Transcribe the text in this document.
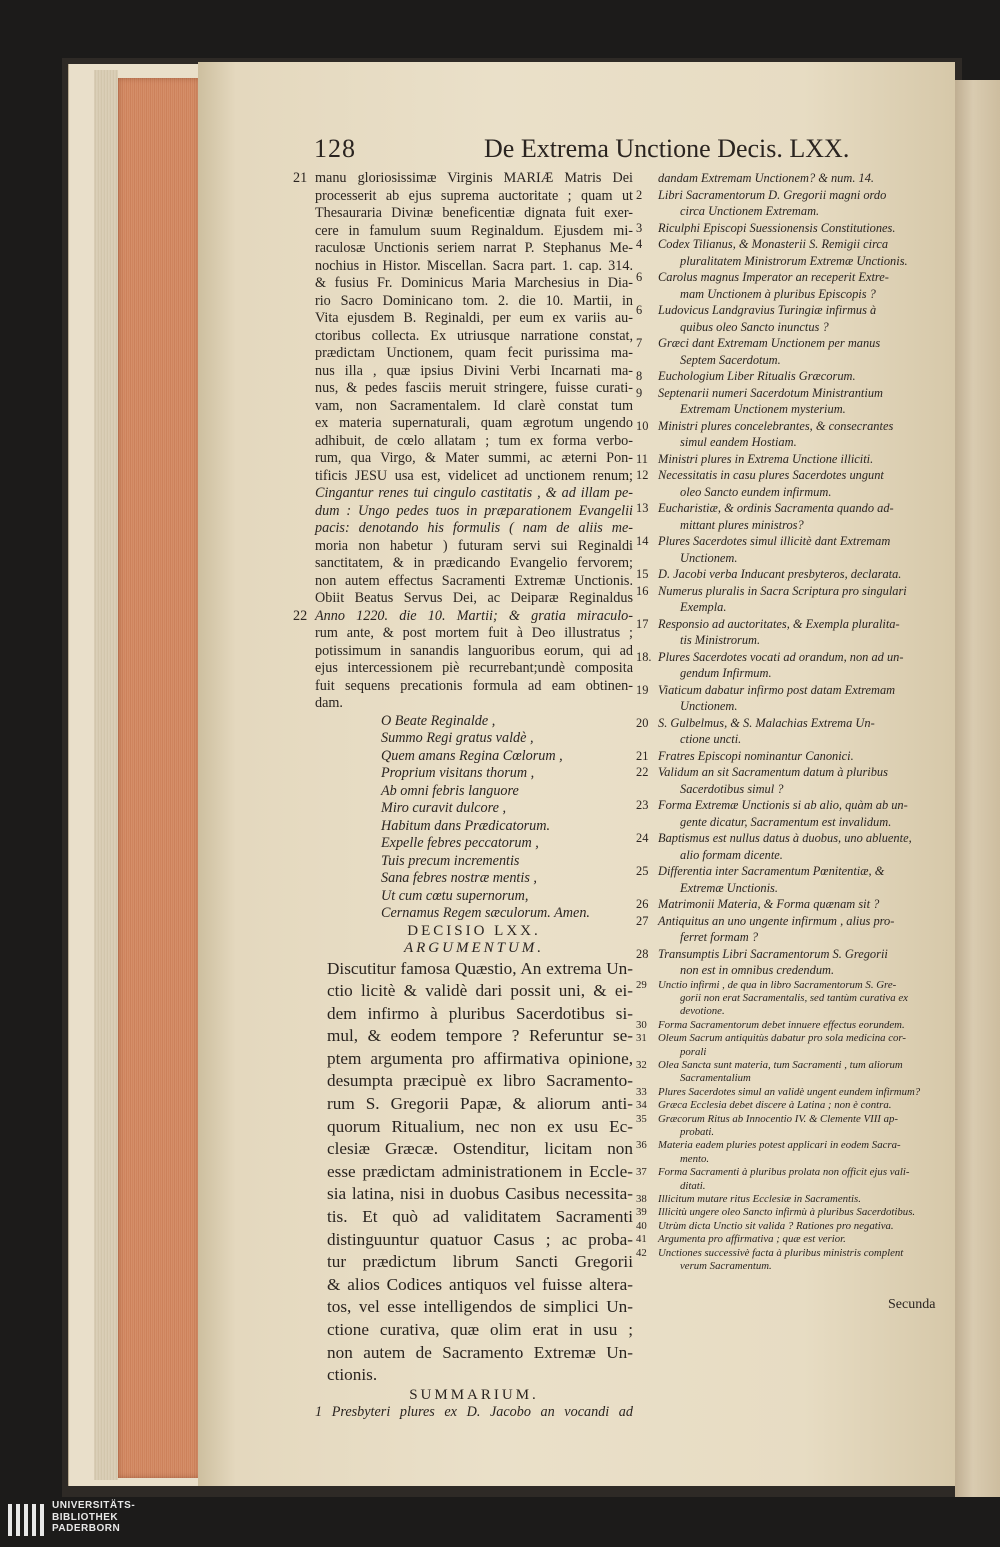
128	De Extrema Unctione Decis. LXX.
manu gloriosissimæ Virginis MARIÆ Matris Dei
21
processerit ab ejus suprema auctoritate ; quam ut
Thesauraria Divinæ beneficentiæ dignata fuit exer-
cere in famulum suum Reginaldum. Ejusdem mi-
raculosæ Unctionis seriem narrat P. Stephanus Me-
nochius in Histor. Miscellan. Sacra part. 1. cap. 314.
& fusius Fr. Dominicus Maria Marchesius in Dia-
rio Sacro Dominicano tom. 2. die 10. Martii, in
Vita ejusdem B. Reginaldi, per eum ex variis au-
ctoribus collecta. Ex utriusque narratione constat,
prædictam Unctionem, quam fecit purissima ma-
nus illa , quæ ipsius Divini Verbi Incarnati ma-
nus, & pedes fasciis meruit stringere, fuisse curati-
vam, non Sacramentalem. Id clarè constat tum
ex materia supernaturali, quam ægrotum ungendo
adhibuit, de cœlo allatam ; tum ex forma verbo-
rum, qua Virgo, & Mater summi, ac æterni Pon-
tificis JESU usa est, videlicet ad unctionem renum;
Cingantur renes tui cingulo castitatis , & ad illam pe-
dum : Ungo pedes tuos in præparationem Evangelii
pacis: denotando his formulis ( nam de aliis me-
moria non habetur ) futuram servi sui Reginaldi
sanctitatem, & in prædicando Evangelio fervorem;
non autem effectus Sacramenti Extremæ Unctionis.
Obiit Beatus Servus Dei, ac Deiparæ Reginaldus
Anno 1220. die 10. Martii; & gratia miraculo-
22
rum ante, & post mortem fuit à Deo illustratus ;
potissimum in sanandis languoribus eorum, qui ad
ejus intercessionem piè recurrebant;undè composita
fuit sequens precationis formula ad eam obtinen-
dam.
O Beate Reginalde ,
Summo Regi gratus valdè ,
Quem amans Regina Cœlorum ,
Proprium visitans thorum ,
Ab omni febris languore
Miro curavit dulcore ,
Habitum dans Prædicatorum.
Expelle febres peccatorum ,
Tuis precum incrementis
Sana febres nostræ mentis ,
Ut cum cœtu supernorum,
Cernamus Regem sæculorum. Amen.
DECISIO LXX.
ARGUMENTUM.
Discutitur famosa Quæstio, An extrema Un-
ctio licitè & validè dari possit uni, & ei-
dem infirmo à pluribus Sacerdotibus si-
mul, & eodem tempore ? Referuntur se-
ptem argumenta pro affirmativa opinione,
desumpta præcipuè ex libro Sacramento-
rum S. Gregorii Papæ, & aliorum anti-
quorum Ritualium, nec non ex usu Ec-
clesiæ Græcæ. Ostenditur, licitam non
esse prædictam administrationem in Eccle-
sia latina, nisi in duobus Casibus necessita-
tis. Et quò ad validitatem Sacramenti
distinguuntur quatuor Casus ; ac proba-
tur prædictum librum Sancti Gregorii
& alios Codices antiquos vel fuisse altera-
tos, vel esse intelligendos de simplici Un-
ctione curativa, quæ olim erat in usu ;
non autem de Sacramento Extremæ Un-
ctionis.
SUMMARIUM.
1 Presbyteri plures ex D. Jacobo an vocandi ad
dandam Extremam Unctionem? & num. 14.
2 Libri Sacramentorum D. Gregorii magni ordo
circa Unctionem Extremam.
3 Riculphi Episcopi Suessionensis Constitutiones.
4 Codex Tilianus, & Monasterii S. Remigii circa
pluralitatem Ministrorum Extremæ Unctionis.
6 Carolus magnus Imperator an receperit Extre-
mam Unctionem à pluribus Episcopis ?
6 Ludovicus Landgravius Turingiæ infirmus à
quibus oleo Sancto inunctus ?
7 Græci dant Extremam Unctionem per manus
Septem Sacerdotum.
8 Euchologium Liber Ritualis Græcorum.
9 Septenarii numeri Sacerdotum Ministrantium
Extremam Unctionem mysterium.
10 Ministri plures concelebrantes, & consecrantes
simul eandem Hostiam.
11 Ministri plures in Extrema Unctione illiciti.
12 Necessitatis in casu plures Sacerdotes ungunt
oleo Sancto eundem infirmum.
13 Eucharistiæ, & ordinis Sacramenta quando ad-
mittant plures ministros?
14 Plures Sacerdotes simul illicitè dant Extremam
Unctionem.
15 D. Jacobi verba Inducant presbyteros, declarata.
16 Numerus pluralis in Sacra Scriptura pro singulari
Exempla.
17 Responsio ad auctoritates, & Exempla pluralita-
tis Ministrorum.
18. Plures Sacerdotes vocati ad orandum, non ad un-
gendum Infirmum.
19 Viaticum dabatur infirmo post datam Extremam
Unctionem.
20 S. Gulbelmus, & S. Malachias Extrema Un-
ctione uncti.
21 Fratres Episcopi nominantur Canonici.
22 Validum an sit Sacramentum datum à pluribus
Sacerdotibus simul ?
23 Forma Extremæ Unctionis si ab alio, quàm ab un-
gente dicatur, Sacramentum est invalidum.
24 Baptismus est nullus datus à duobus, uno abluente,
alio formam dicente.
25 Differentia inter Sacramentum Pœnitentiæ, &
Extremæ Unctionis.
26 Matrimonii Materia, & Forma quænam sit ?
27 Antiquitus an uno ungente infirmum , alius pro-
ferret formam ?
28 Transumptis Libri Sacramentorum S. Gregorii
non est in omnibus credendum.
29 Unctio infirmi , de qua in libro Sacramentorum S. Gre-
gorii non erat Sacramentalis, sed tantùm curativa ex
devotione.
30 Forma Sacramentorum debet innuere effectus eorundem.
31 Oleum Sacrum antiquitùs dabatur pro sola medicina cor-
porali
32 Olea Sancta sunt materia, tum Sacramenti , tum aliorum
Sacramentalium
33 Plures Sacerdotes simul an validè ungent eundem infirmum?
34 Græca Ecclesia debet discere à Latina ; non è contra.
35 Græcorum Ritus ab Innocentio IV. & Clemente VIII ap-
probati.
36 Materia eadem pluries potest applicari in eodem Sacra-
mento.
37 Forma Sacramenti à pluribus prolata non officit ejus vali-
ditati.
38 Illicitum mutare ritus Ecclesiæ in Sacramentis.
39 Illicitù ungere oleo Sancto infirmù à pluribus Sacerdotibus.
40 Utrùm dicta Unctio sit valida ? Rationes pro negativa.
41 Argumenta pro affirmativa ; quæ est verior.
42 Unctiones successivè facta à pluribus ministris complent
verum Sacramentum.
Secunda
UNIVERSITÄTS-
BIBLIOTHEK
PADERBORN
